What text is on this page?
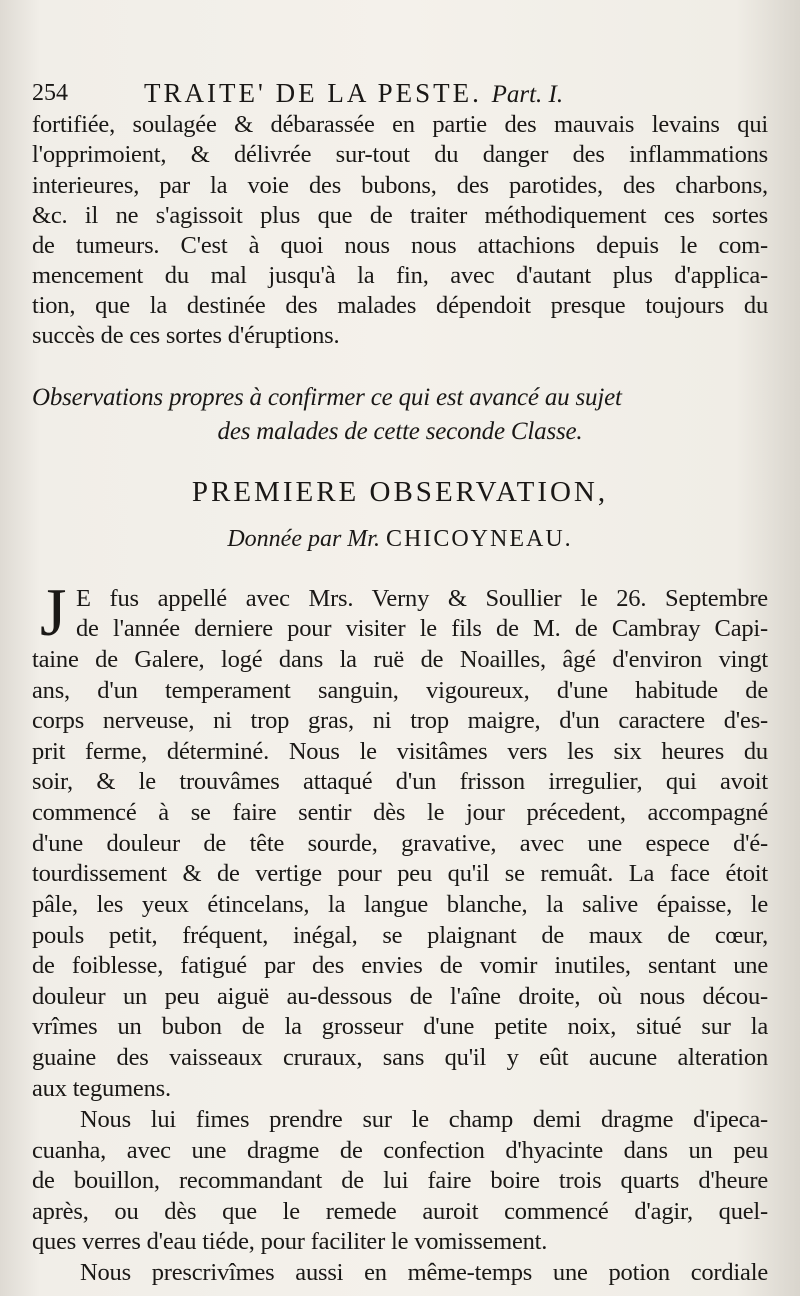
254	TRAITE' DE LA PESTE. Part. I.
fortifiée, soulagée & débarassée en partie des mauvais levains qui
l'opprimoient, & délivrée sur-tout du danger des inflammations
interieures, par la voie des bubons, des parotides, des charbons,
&c. il ne s'agissoit plus que de traiter méthodiquement ces sortes
de tumeurs. C'est à quoi nous nous attachions depuis le com-
mencement du mal jusqu'à la fin, avec d'autant plus d'applica-
tion, que la destinée des malades dépendoit presque toujours du
succès de ces sortes d'éruptions.
Observations propres à confirmer ce qui est avancé au sujet
des malades de cette seconde Classe.
PREMIERE OBSERVATION,
Donnée par Mr. CHICOYNEAU.
J E fus appellé avec Mrs. Verny & Soullier le 26. Septembre
de l'année derniere pour visiter le fils de M. de Cambray Capi-
taine de Galere, logé dans la ruë de Noailles, âgé d'environ vingt
ans, d'un temperament sanguin, vigoureux, d'une habitude de
corps nerveuse, ni trop gras, ni trop maigre, d'un caractere d'es-
prit ferme, déterminé. Nous le visitâmes vers les six heures du
soir, & le trouvâmes attaqué d'un frisson irregulier, qui avoit
commencé à se faire sentir dès le jour précedent, accompagné
d'une douleur de tête sourde, gravative, avec une espece d'é-
tourdissement & de vertige pour peu qu'il se remuât. La face étoit
pâle, les yeux étincelans, la langue blanche, la salive épaisse, le
pouls petit, fréquent, inégal, se plaignant de maux de cœur,
de foiblesse, fatigué par des envies de vomir inutiles, sentant une
douleur un peu aiguë au-dessous de l'aîne droite, où nous décou-
vrîmes un bubon de la grosseur d'une petite noix, situé sur la
guaine des vaisseaux cruraux, sans qu'il y eût aucune alteration
aux tegumens.
Nous lui fimes prendre sur le champ demi dragme d'ipeca-
cuanha, avec une dragme de confection d'hyacinte dans un peu
de bouillon, recommandant de lui faire boire trois quarts d'heure
après, ou dès que le remede auroit commencé d'agir, quel-
ques verres d'eau tiéde, pour faciliter le vomissement.
Nous prescrivîmes aussi en même-temps une potion cordiale
